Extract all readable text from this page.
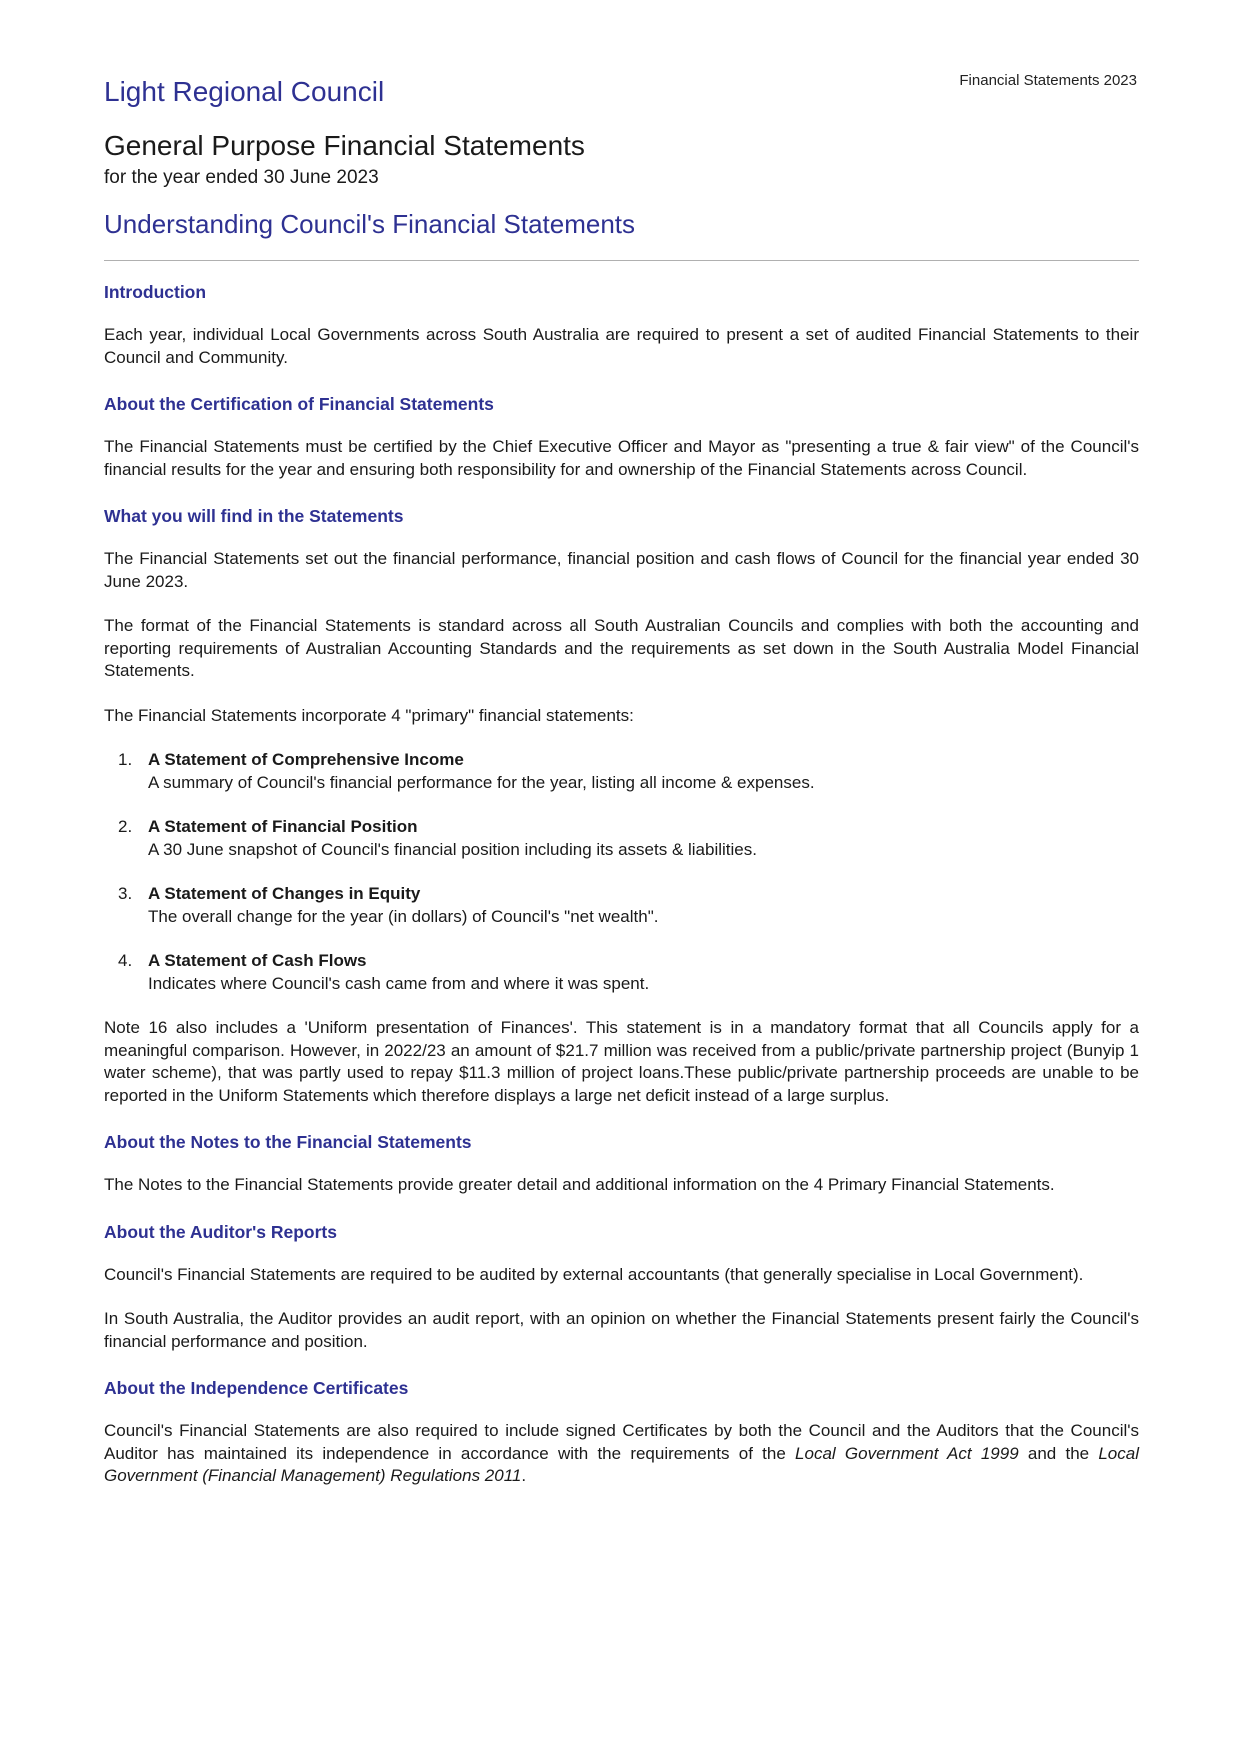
Financial Statements 2023
Light Regional Council
General Purpose Financial Statements
for the year ended 30 June 2023
Understanding Council's Financial Statements
Introduction

Each year, individual Local Governments across South Australia are required to present a set of audited Financial Statements to their Council and Community.

About the Certification of Financial Statements

The Financial Statements must be certified by the Chief Executive Officer and Mayor as "presenting a true & fair view" of the Council's financial results for the year and ensuring both responsibility for and ownership of the Financial Statements across Council.

What you will find in the Statements

The Financial Statements set out the financial performance, financial position and cash flows of Council for the financial year ended 30 June 2023.

The format of the Financial Statements is standard across all South Australian Councils and complies with both the accounting and reporting requirements of Australian Accounting Standards and the requirements as set down in the South Australia Model Financial Statements.

The Financial Statements incorporate 4 "primary" financial statements:

1. A Statement of Comprehensive Income
A summary of Council's financial performance for the year, listing all income & expenses.
2. A Statement of Financial Position
A 30 June snapshot of Council's financial position including its assets & liabilities.
3. A Statement of Changes in Equity
The overall change for the year (in dollars) of Council's "net wealth".
4. A Statement of Cash Flows
Indicates where Council's cash came from and where it was spent.

Note 16 also includes a 'Uniform presentation of Finances'. This statement is in a mandatory format that all Councils apply for a meaningful comparison. However, in 2022/23 an amount of $21.7 million was received from a public/private partnership project (Bunyip 1 water scheme), that was partly used to repay $11.3 million of project loans.These public/private partnership proceeds are unable to be reported in the Uniform Statements which therefore displays a large net deficit instead of a large surplus.

About the Notes to the Financial Statements

The Notes to the Financial Statements provide greater detail and additional information on the 4 Primary Financial Statements.

About the Auditor's Reports

Council's Financial Statements are required to be audited by external accountants (that generally specialise in Local Government).

In South Australia, the Auditor provides an audit report, with an opinion on whether the Financial Statements present fairly the Council's financial performance and position.

About the Independence Certificates

Council's Financial Statements are also required to include signed Certificates by both the Council and the Auditors that the Council's Auditor has maintained its independence in accordance with the requirements of the Local Government Act 1999 and the Local Government (Financial Management) Regulations 2011.
